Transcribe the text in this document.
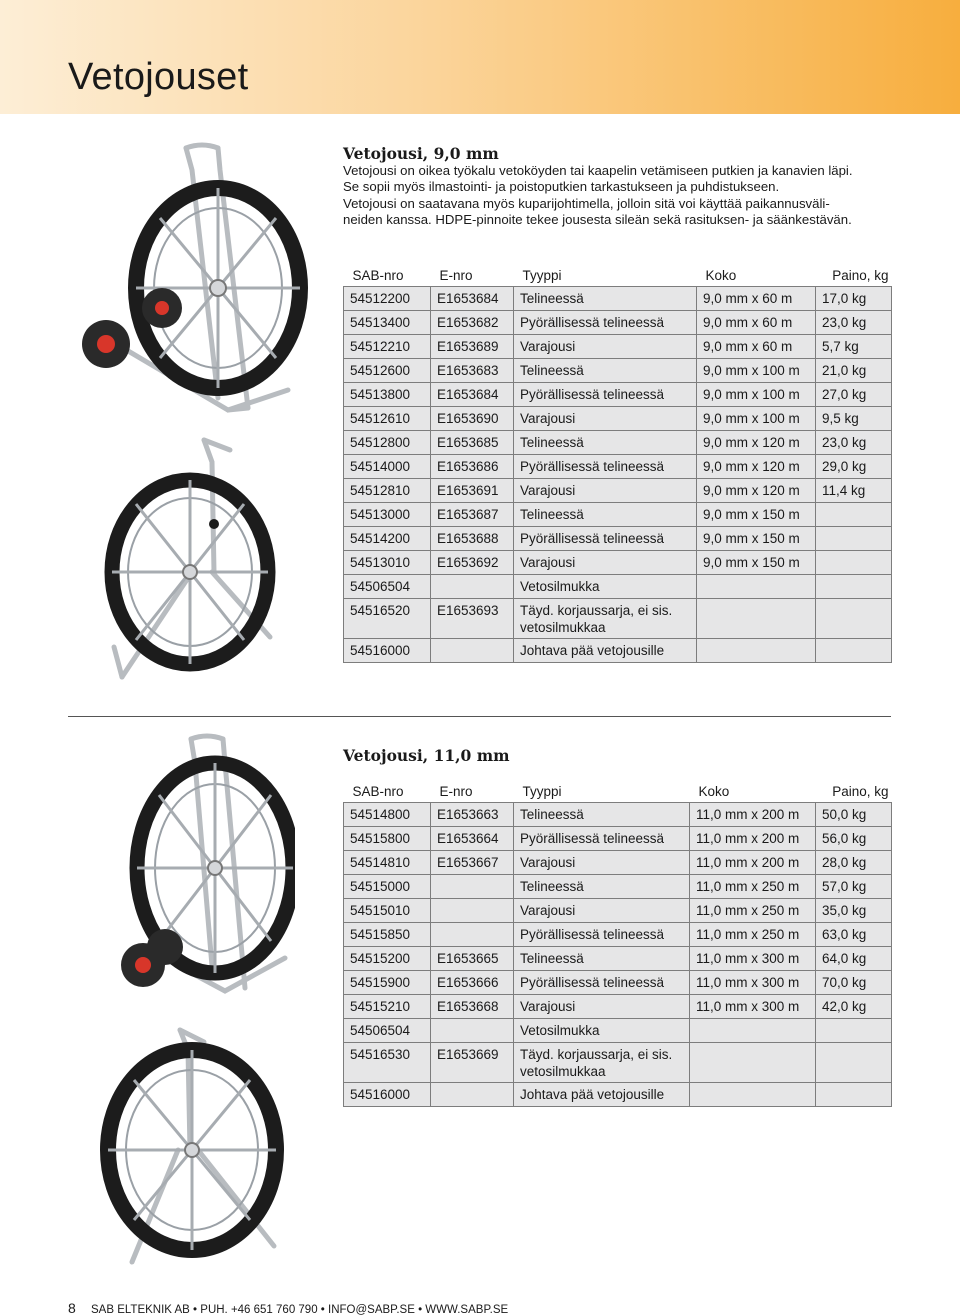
Vetojouset
Vetojousi, 9,0 mm
Vetojousi on oikea työkalu vetoköyden tai kaapelin vetämiseen putkien ja kanavien läpi.
Se sopii myös ilmastointi- ja poistoputkien tarkastukseen ja puhdistukseen.
Vetojousi on saatavana myös kuparijohtimella, jolloin sitä voi käyttää paikannusväli-
neiden kanssa. HDPE-pinnoite tekee jousesta sileän sekä rasituksen- ja säänkestävän.
SAB-nro	E-nro	Tyyppi	Koko	Paino, kg
54512200	E1653684	Telineessä	9,0 mm x 60 m	17,0 kg
54513400	E1653682	Pyörällisessä telineessä	9,0 mm x 60 m	23,0 kg
54512210	E1653689	Varajousi	9,0 mm x 60 m	5,7 kg
54512600	E1653683	Telineessä	9,0 mm x 100 m	21,0 kg
54513800	E1653684	Pyörällisessä telineessä	9,0 mm x 100 m	27,0 kg
54512610	E1653690	Varajousi	9,0 mm x 100 m	9,5 kg
54512800	E1653685	Telineessä	9,0 mm x 120 m	23,0 kg
54514000	E1653686	Pyörällisessä telineessä	9,0 mm x 120 m	29,0 kg
54512810	E1653691	Varajousi	9,0 mm x 120 m	11,4 kg
54513000	E1653687	Telineessä	9,0 mm x 150 m	
54514200	E1653688	Pyörällisessä telineessä	9,0 mm x 150 m	
54513010	E1653692	Varajousi	9,0 mm x 150 m	
54506504		Vetosilmukka		
54516520	E1653693	Täyd. korjaussarja, ei sis. vetosilmukkaa		
54516000		Johtava pää vetojousille		
Vetojousi, 11,0 mm
SAB-nro	E-nro	Tyyppi	Koko	Paino, kg
54514800	E1653663	Telineessä	11,0 mm x 200 m	50,0 kg
54515800	E1653664	Pyörällisessä telineessä	11,0 mm x 200 m	56,0 kg
54514810	E1653667	Varajousi	11,0 mm x 200 m	28,0 kg
54515000		Telineessä	11,0 mm x 250 m	57,0 kg
54515010		Varajousi	11,0 mm x 250 m	35,0 kg
54515850		Pyörällisessä telineessä	11,0 mm x 250 m	63,0 kg
54515200	E1653665	Telineessä	11,0 mm x 300 m	64,0 kg
54515900	E1653666	Pyörällisessä telineessä	11,0 mm x 300 m	70,0 kg
54515210	E1653668	Varajousi	11,0 mm x 300 m	42,0 kg
54506504		Vetosilmukka		
54516530	E1653669	Täyd. korjaussarja, ei sis. vetosilmukkaa		
54516000		Johtava pää vetojousille		
8 SAB ELTEKNIK AB • PUH. +46 651 760 790 • INFO@SABP.SE • WWW.SABP.SE
